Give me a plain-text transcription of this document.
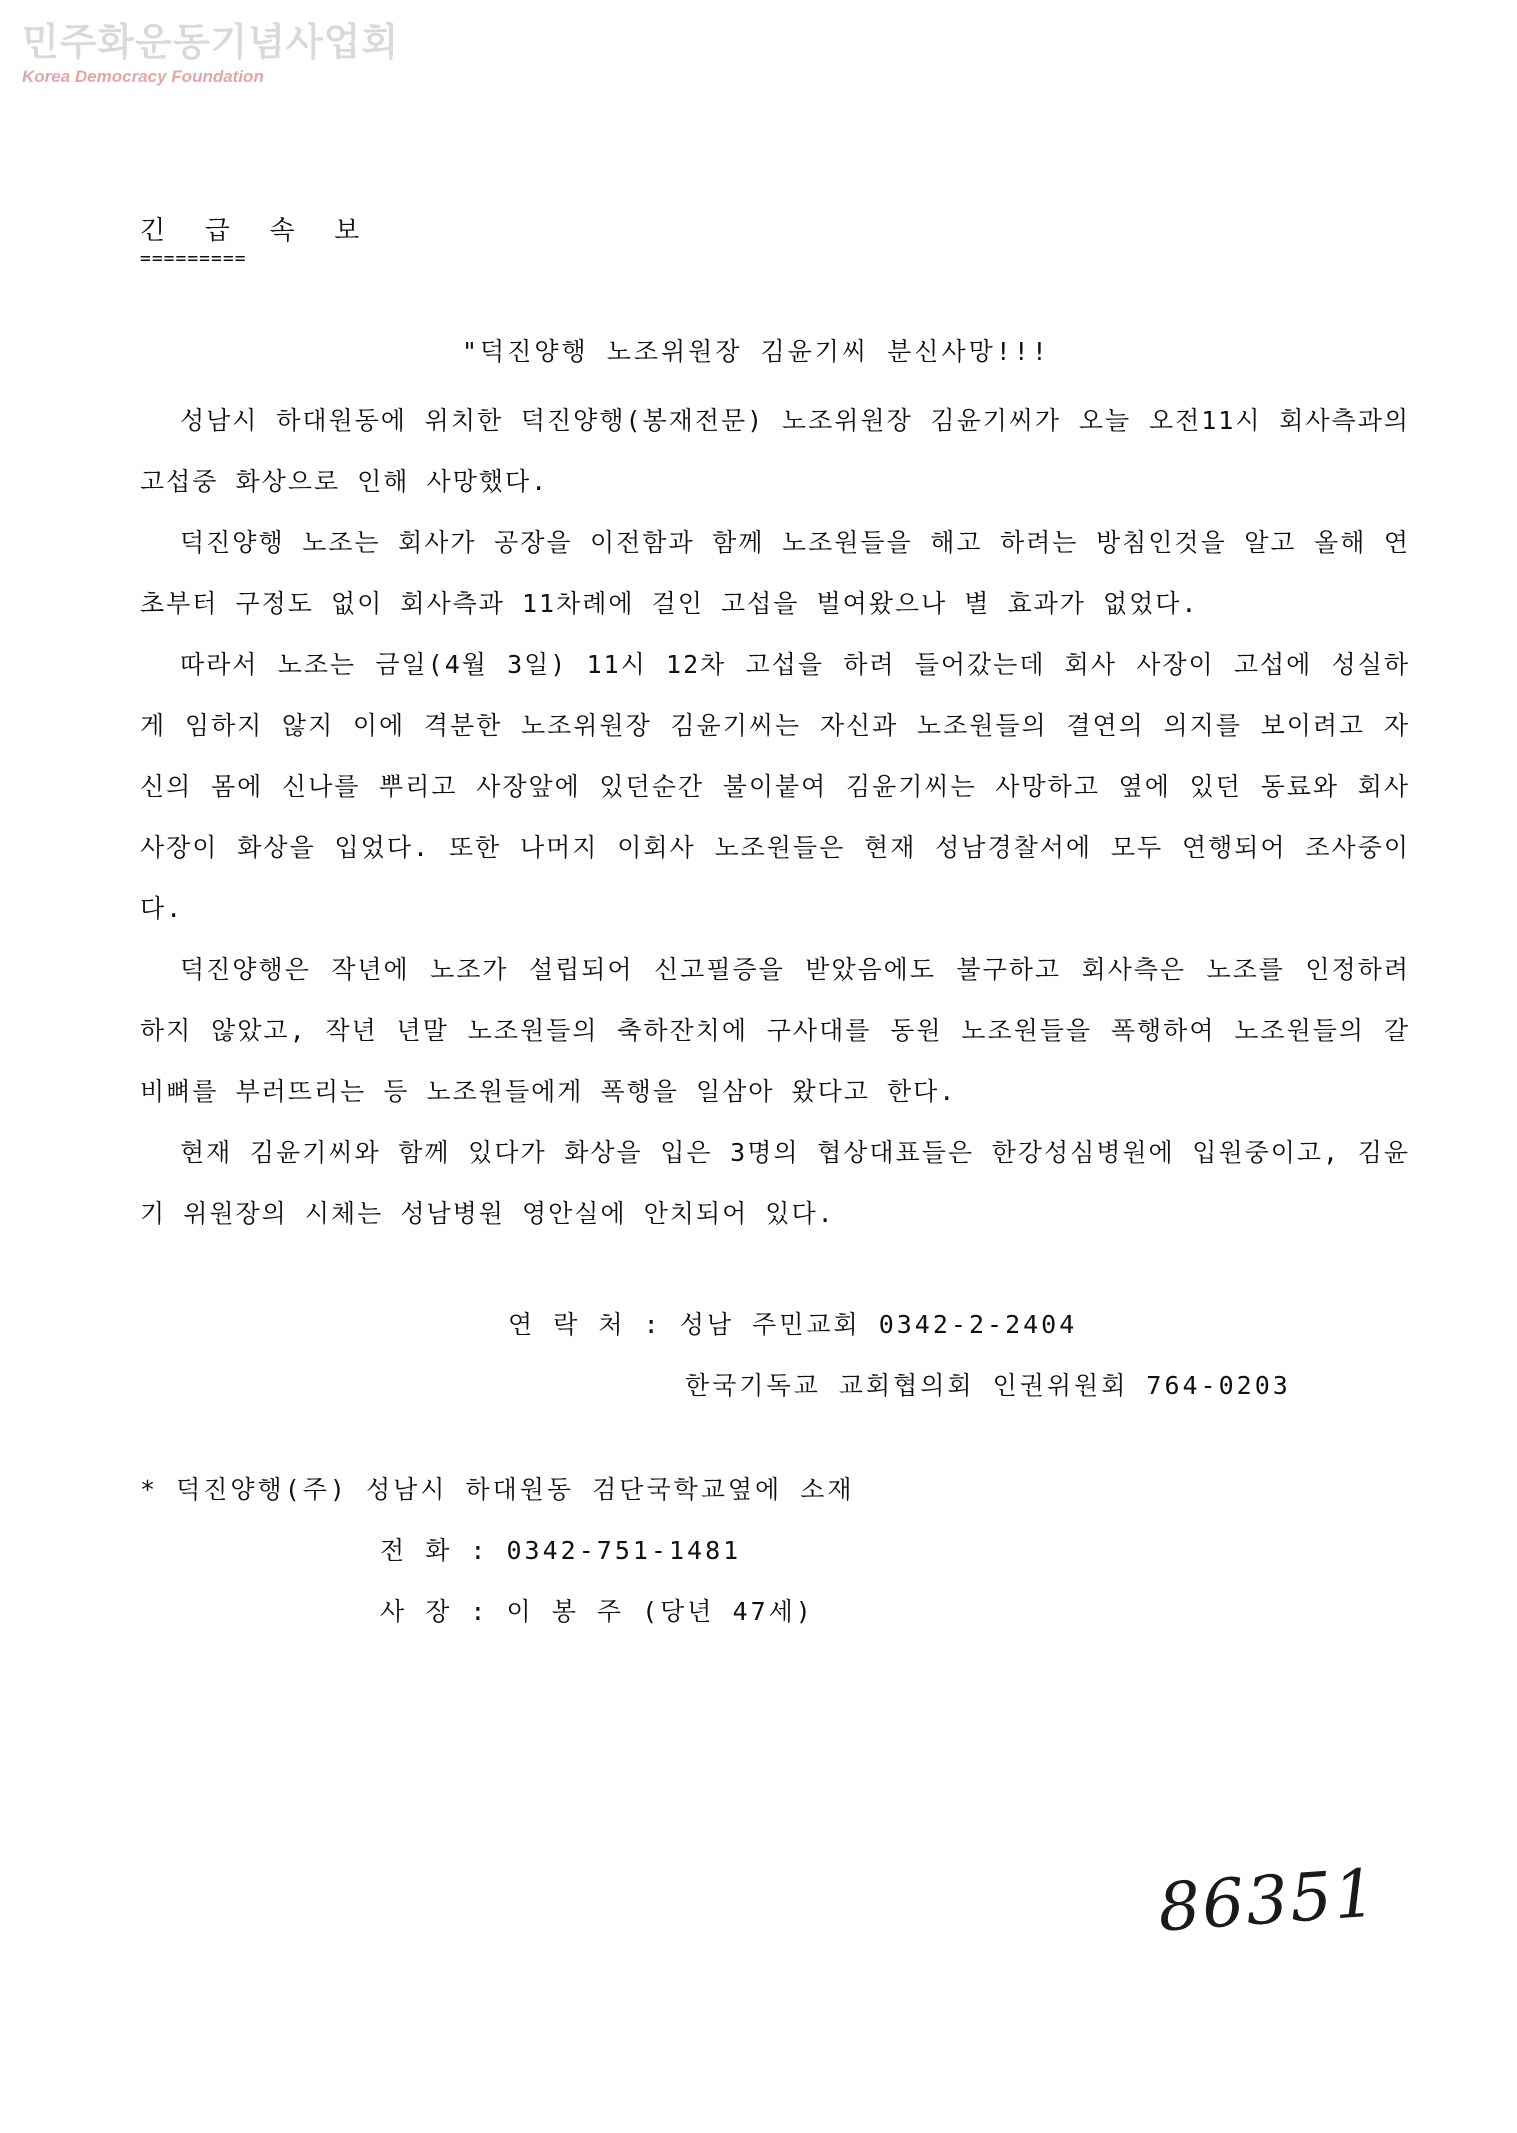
민주화운동기념사업회
Korea Democracy Foundation
긴 급 속 보
=========
"덕진양행 노조위원장 김윤기씨 분신사망!!!

성남시 하대원동에 위치한 덕진양행(봉재전문) 노조위원장 김윤기씨가 오늘 오전11시 회사측과의 고섭중 화상으로 인해 사망했다.

덕진양행 노조는 회사가 공장을 이전함과 함께 노조원들을 해고 하려는 방침인것을 알고 올해 연초부터 구정도 없이 회사측과 11차례에 걸인 고섭을 벌여왔으나 별 효과가 없었다.

따라서 노조는 금일(4월 3일) 11시 12차 고섭을 하려 들어갔는데 회사 사장이 고섭에 성실하게 임하지 않지 이에 격분한 노조위원장 김윤기씨는 자신과 노조원들의 결연의 의지를 보이려고 자신의 몸에 신나를 뿌리고 사장앞에 있던순간 불이붙여 김윤기씨는 사망하고 옆에 있던 동료와 회사사장이 화상을 입었다. 또한 나머지 이회사 노조원들은 현재 성남경찰서에 모두 연행되어 조사중이다.

덕진양행은 작년에 노조가 설립되어 신고필증을 받았음에도 불구하고 회사측은 노조를 인정하려 하지 않았고, 작년 년말 노조원들의 축하잔치에 구사대를 동원 노조원들을 폭행하여 노조원들의 갈비뼈를 부러뜨리는 등 노조원들에게 폭행을 일삼아 왔다고 한다.

현재 김윤기씨와 함께 있다가 화상을 입은 3명의 협상대표들은 한강성심병원에 입원중이고, 김윤기 위원장의 시체는 성남병원 영안실에 안치되어 있다.

연 락 처 : 성남 주민교회 0342-2-2404
한국기독교 교회협의회 인권위원회 764-0203
* 덕진양행(주) 성남시 하대원동 검단국학교옆에 소재
전 화 : 0342-751-1481
사 장 : 이 봉 주 (당년 47세)
86351
